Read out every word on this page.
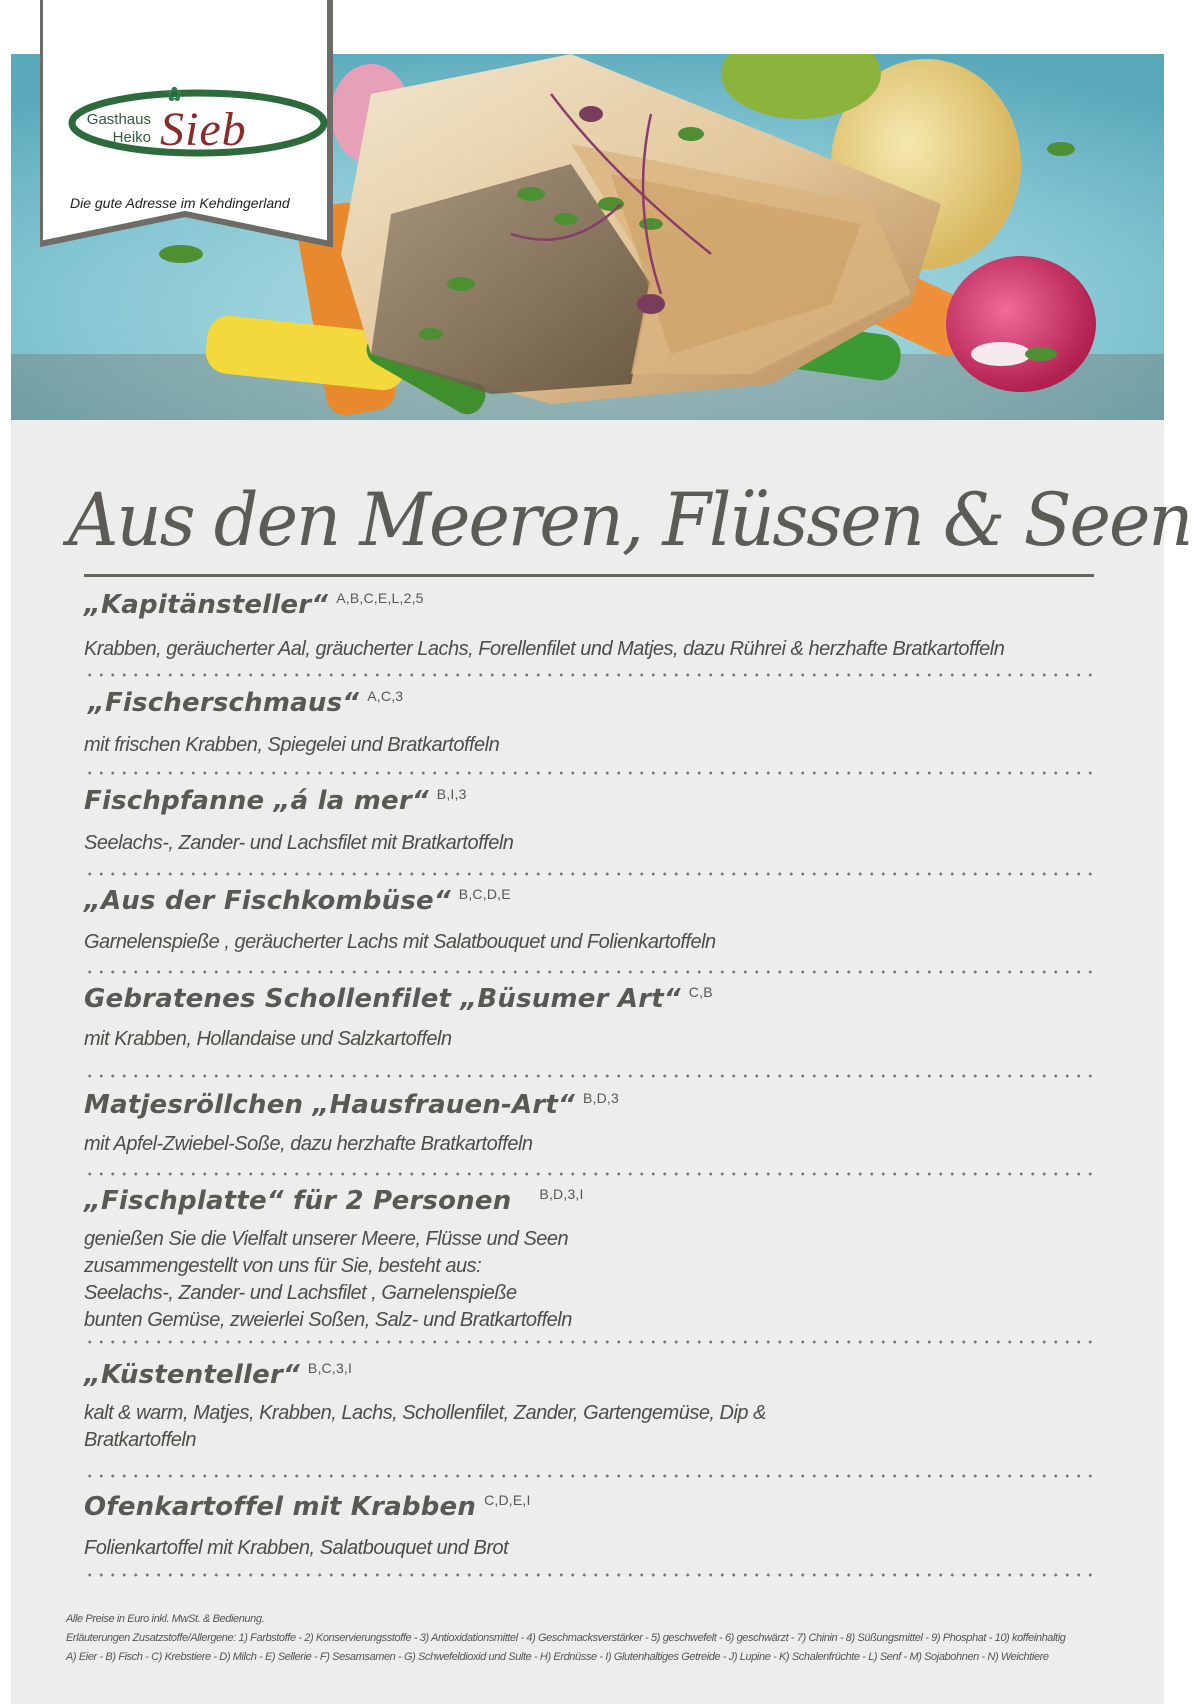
✿
Gasthaus
Heiko Sieb
Die gute Adresse im Kehdingerland
Aus den Meeren, Flüssen & Seen
„Kapitänsteller“ $^{A,B,C,E,L,2,5}$
Krabben, geräucherter Aal, gräucherter Lachs, Forellenfilet und Matjes, dazu Rührei & herzhafte Bratkartoffeln
„Fischerschmaus“ $^{A,C,3}$
mit frischen Krabben, Spiegelei und Bratkartoffeln
Fischpfanne „á la mer“ $^{B,I,3}$
Seelachs-, Zander- und Lachsfilet mit Bratkartoffeln
„Aus der Fischkombüse“ $^{B,C,D,E}$
Garnelenspieße , geräucherter Lachs mit Salatbouquet und Folienkartoffeln
Gebratenes Schollenfilet „Büsumer Art“ $^{C,B}$
mit Krabben, Hollandaise und Salzkartoffeln
Matjesröllchen „Hausfrauen-Art“ $^{B,D,3}$
mit Apfel-Zwiebel-Soße, dazu herzhafte Bratkartoffeln
„Fischplatte“ für 2 Personen $^{B,D,3,I}$
genießen Sie die Vielfalt unserer Meere, Flüsse und Seen
zusammengestellt von uns für Sie, besteht aus:
Seelachs-, Zander- und Lachsfilet , Garnelenspieße
bunten Gemüse, zweierlei Soßen, Salz- und Bratkartoffeln
„Küstenteller“ $^{B,C,3,I}$
kalt & warm, Matjes, Krabben, Lachs, Schollenfilet, Zander, Gartengemüse, Dip &
Bratkartoffeln
Ofenkartoffel mit Krabben $^{C,D,E,I}$
Folienkartoffel mit Krabben, Salatbouquet und Brot
Alle Preise in Euro inkl. MwSt. & Bedienung.
Erläuterungen Zusatzstoffe/Allergene: 1) Farbstoffe - 2) Konservierungsstoffe - 3) Antioxidationsmittel - 4) Geschmacksverstärker - 5) geschwefelt - 6) geschwärzt - 7) Chinin - 8) Süßungsmittel - 9) Phosphat - 10) koffeinhaltig
A) Eier - B) Fisch - C) Krebstiere - D) Milch - E) Sellerie - F) Sesamsamen - G) Schwefeldioxid und Sulte - H) Erdnüsse - I) Glutenhaltiges Getreide - J) Lupine - K) Schalenfrüchte - L) Senf - M) Sojabohnen - N) Weichtiere
